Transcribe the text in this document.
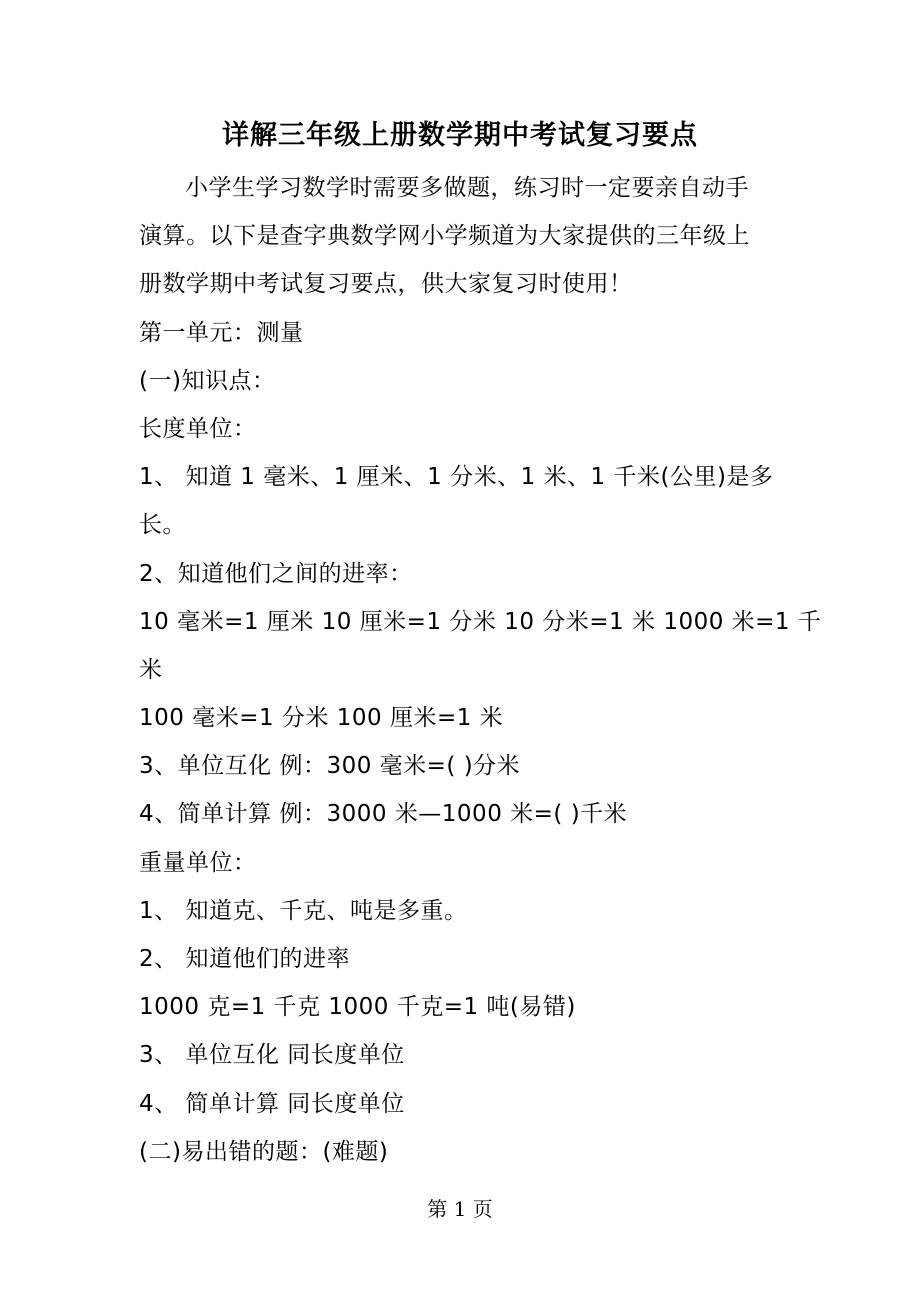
详解三年级上册数学期中考试复习要点
小学生学习数学时需要多做题，练习时一定要亲自动手
演算。以下是查字典数学网小学频道为大家提供的三年级上
册数学期中考试复习要点，供大家复习时使用！
第一单元：测量
(一)知识点：
长度单位：
1、 知道 1 毫米、1 厘米、1 分米、1 米、1 千米(公里)是多
长。
2、知道他们之间的进率：
10 毫米=1 厘米 10 厘米=1 分米 10 分米=1 米 1000 米=1 千
米
100 毫米=1 分米 100 厘米=1 米
3、单位互化 例：300 毫米=( )分米
4、简单计算 例：3000 米—1000 米=( )千米
重量单位：
1、 知道克、千克、吨是多重。
2、 知道他们的进率
1000 克=1 千克 1000 千克=1 吨(易错)
3、 单位互化 同长度单位
4、 简单计算 同长度单位
(二)易出错的题：(难题)
第 1 页
